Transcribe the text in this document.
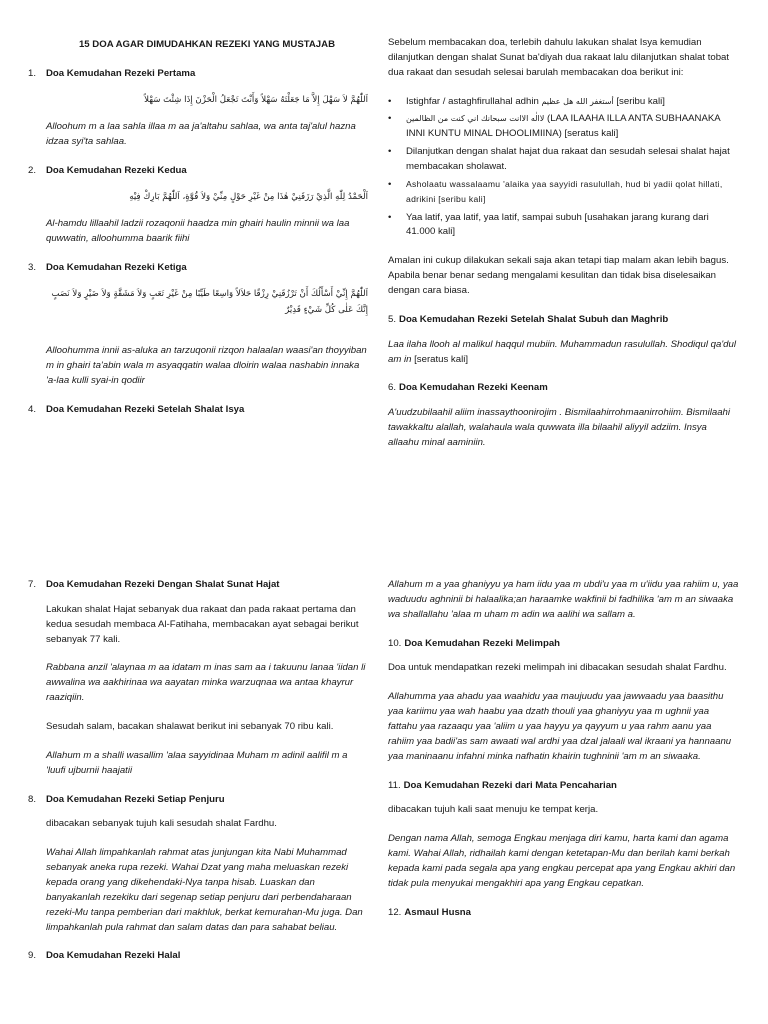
15 DOA AGAR DIMUDAHKAN REZEKI YANG MUSTAJAB
1.	Doa Kemudahan Rezeki Pertama
اَللّٰهُمَّ لاَ سَهْلَ إِلاَّ مَا جَعَلْتَهُ سَهْلاً وَأَنْتَ تَجْعَلُ الْحَزْنَ إِذَا شِئْتَ سَهْلاً
Alloohum m a laa sahla illaa m aa ja'altahu sahlaa, wa anta taj'alul hazna idzaa syi'ta sahlaa.
2.	Doa Kemudahan Rezeki Kedua
اَلْحَمْدُ لِلّٰهِ الَّذِيْ رَزَقَنِيْ هٰذَا مِنْ غَيْرِ حَوْلٍ مِنِّيْ وَلاَ قُوَّةٍ، اَللّٰهُمَّ بَارِكْ فِيْهِ
Al-hamdu lillaahil ladzii rozaqonii haadza min ghairi haulin minnii wa laa quwwatin, alloohumma baarik fiihi
3.	Doa Kemudahan Rezeki Ketiga
اَللّٰهُمَّ إِنِّيْ أَسْأَلُكَ أَنْ تَرْزُقَنِيْ رِزْقًا حَلاَلاً وَاسِعًا طَيِّبًا مِنْ غَيْرِ تَعَبٍ وَلاَ مَشَقَّةٍ وَلاَ ضَيْرٍ وَلاَ نَصَبٍ إِنَّكَ عَلٰى كُلِّ شَيْءٍ قَدِيْرٌ
Alloohumma innii as-aluka an tarzuqonii rizqon halaalan waasi'an thoyyiban m in ghairi ta'abin wala m asyaqqatin walaa dloirin walaa nashabin innaka 'a-laa kulli syai-in qodiir
4.	Doa Kemudahan Rezeki Setelah Shalat Isya
Sebelum membacakan doa, terlebih dahulu lakukan shalat Isya kemudian dilanjutkan dengan shalat Sunat ba'diyah dua rakaat lalu dilanjutkan shalat tobat dua rakaat dan sesudah selesai barulah membacakan doa berikut ini:
• Istighfar / astaghfirullahal adhin أستغفر الله هل عظيم [seribu kali]
• لاالٰه الاانت سبحانك اني كنت من الظالمين (LAA ILAAHA ILLA ANTA SUBHAANAKA INNI KUNTU MINAL DHOOLIMIINA) [seratus kali]
• Dilanjutkan dengan shalat hajat dua rakaat dan sesudah selesai shalat hajat membacakan sholawat.
• Asholaatu wassalaamu 'alaika yaa sayyidi rasulullah, hud bi yadii qolat hillati, adrikini [seribu kali]
• Yaa latif, yaa latif, yaa latif, sampai subuh [usahakan jarang kurang dari 41.000 kali]
Amalan ini cukup dilakukan sekali saja akan tetapi tiap malam akan lebih bagus. Apabila benar benar sedang mengalami kesulitan dan tidak bisa diselesaikan dengan cara biasa.
5. Doa Kemudahan Rezeki Setelah Shalat Subuh dan Maghrib
Laa ilaha llooh al malikul haqqul mubiin. Muhammadun rasulullah. Shodiqul qa'dul am in [seratus kali]
6. Doa Kemudahan Rezeki Keenam
A'uudzubilaahil aliim inassaythoonirojim . Bismilaahirrohmaanirrohiim. Bismilaahi tawakkaltu alallah, walahaula wala quwwata illa bilaahil aliyyil adziim. Insya allaahu minal aaminiin.
7.	Doa Kemudahan Rezeki Dengan Shalat Sunat Hajat
Lakukan shalat Hajat sebanyak dua rakaat dan pada rakaat pertama dan kedua sesudah membaca Al-Fatihaha, membacakan ayat sebagai berikut sebanyak 77 kali.
Rabbana anzil 'alaynaa m aa idatam m inas sam aa i takuunu lanaa 'iidan li awwalina wa aakhirinaa wa aayatan minka warzuqnaa wa antaa khayrur raaziqiin.
Sesudah salam, bacakan shalawat berikut ini sebanyak 70 ribu kali.
Allahum m a shalli wasallim 'alaa sayyidinaa Muham m adinil aalifil m a 'luufi ujburnii haajatii
8.	Doa Kemudahan Rezeki Setiap Penjuru
dibacakan sebanyak tujuh kali sesudah shalat Fardhu.
Wahai Allah limpahkanlah rahmat atas junjungan kita Nabi Muhammad sebanyak aneka rupa rezeki. Wahai Dzat yang maha meluaskan rezeki kepada orang yang dikehendaki-Nya tanpa hisab. Luaskan dan banyakanlah rezekiku dari segenap setiap penjuru dari perbendaharaan rezeki-Mu tanpa pemberian dari makhluk, berkat kemurahan-Mu juga. Dan limpahkanlah pula rahmat dan salam datas dan para sahabat beliau.
9.	Doa Kemudahan Rezeki Halal
Allahum m a yaa ghaniyyu ya ham iidu yaa m ubdi'u yaa m u'iidu yaa rahiim u, yaa waduudu aghninii bi halaalika;an haraamke wakfinii bi fadhilika 'am m an siwaaka wa shallallahu 'alaa m uham m adin wa aalihi wa sallam a.
10. Doa Kemudahan Rezeki Melimpah
Doa untuk mendapatkan rezeki melimpah ini dibacakan sesudah shalat Fardhu.
Allahumma yaa ahadu yaa waahidu yaa maujuudu yaa jawwaadu yaa baasithu yaa kariimu yaa wah haabu yaa dzath thouli yaa ghaniyyu yaa m ughnii yaa fattahu yaa razaaqu yaa 'aliim u yaa hayyu ya qayyum u yaa rahm aanu yaa rahiim yaa badii'as sam awaati wal ardhi yaa dzal jalaali wal ikraani ya hannaanu yaa maninaanu infahni minka nafhatin khairin tughninii 'am m an siwaaka.
11. Doa Kemudahan Rezeki dari Mata Pencaharian
dibacakan tujuh kali saat menuju ke tempat kerja.
Dengan nama Allah, semoga Engkau menjaga diri kamu, harta kami dan agama kami. Wahai Allah, ridhailah kami dengan ketetapan-Mu dan berilah kami berkah kepada kami pada segala apa yang engkau percepat apa yang Engkau akhiri dan tidak pula menyukai mengakhiri apa yang Engkau cepatkan.
12. Asmaul Husna
